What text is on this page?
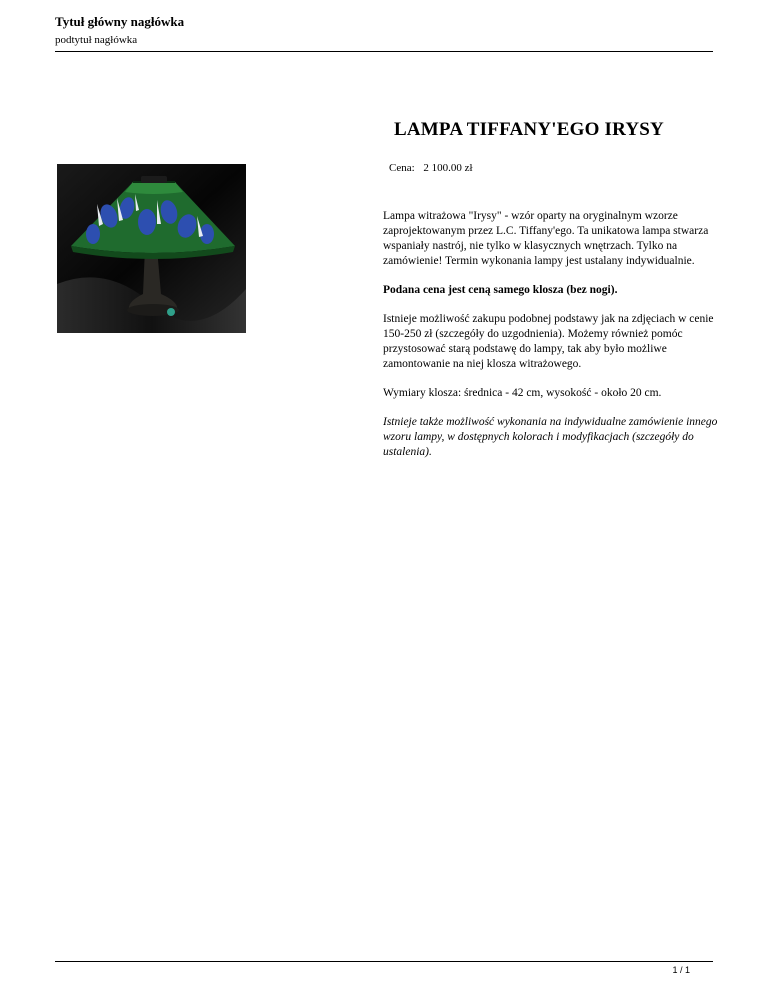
Tytuł główny nagłówka
podtytuł nagłówka
LAMPA TIFFANY'EGO IRYSY
Cena: 2 100.00 zł

Lampa witrażowa "Irysy" - wzór oparty na oryginalnym wzorze zaprojektowanym przez L.C. Tiffany'ego. Ta unikatowa lampa stwarza wspaniały nastrój, nie tylko w klasycznych wnętrzach. Tylko na zamówienie! Termin wykonania lampy jest ustalany indywidualnie.

Podana cena jest ceną samego klosza (bez nogi).

Istnieje możliwość zakupu podobnej podstawy jak na zdjęciach w cenie 150-250 zł (szczegóły do uzgodnienia). Możemy również pomóc przystosować starą podstawę do lampy, tak aby było możliwe zamontowanie na niej klosza witrażowego.

Wymiary klosza: średnica - 42 cm, wysokość - około 20 cm.

Istnieje także możliwość wykonania na indywidualne zamówienie innego wzoru lampy, w dostępnych kolorach i modyfikacjach (szczegóły do ustalenia).

1 / 1
